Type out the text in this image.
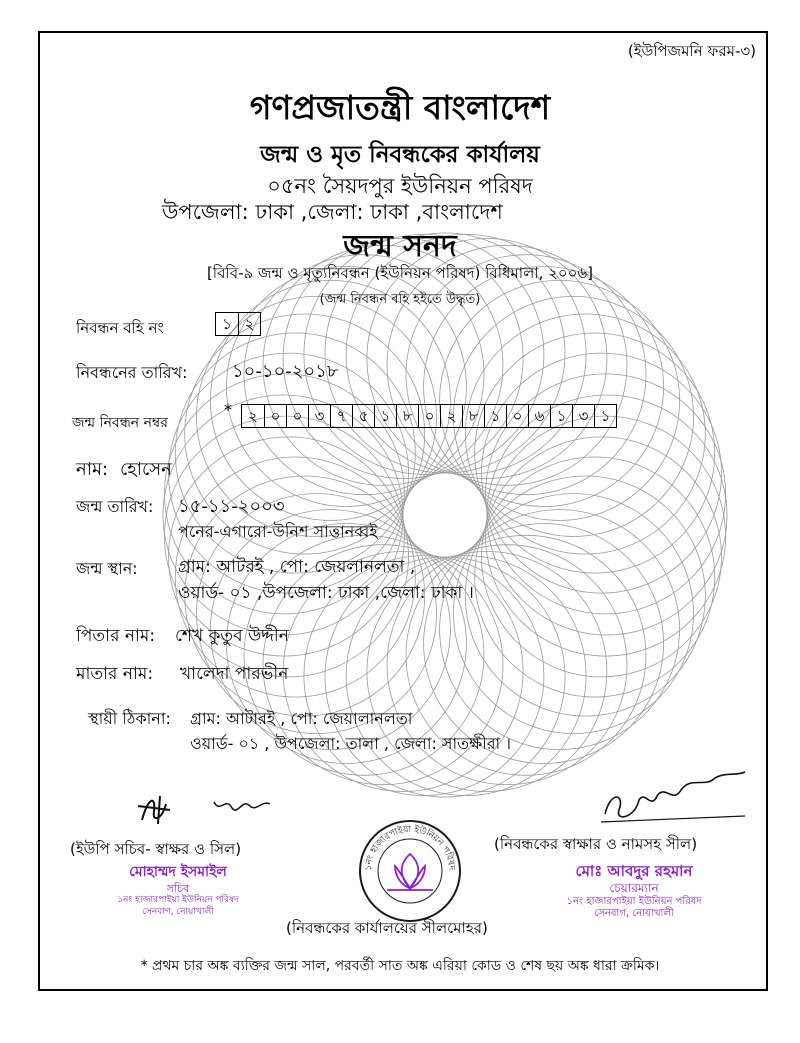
(ইউপিজমনি ফরম-৩)
গণপ্রজাতন্ত্রী বাংলাদেশ
জন্ম ও মৃত নিবন্ধকের কার্যালয়
০৫নং সৈয়দপুর ইউনিয়ন পরিষদ
উপজেলা: ঢাকা ,জেলা: ঢাকা ,বাংলাদেশ
জন্ম সনদ
[বিবি-৯ জন্ম ও মৃত্যুনিবন্ধন (ইউনিয়ন পরিষদ) বিধিমালা, ২০০৬]
(জন্ম নিবন্ধন বহি হইতে উদ্ধৃত)
নিবন্ধন বহি নং	১ ২
নিবন্ধনের তারিখ: ১০-১০-২০১৮
জন্ম নিবন্ধন নম্বর
*	২ ০ ০ ৩ ৭ ৫ ১ ৮ ০ ২ ৮ ১ ০ ৬ ১ ৩ ১
নাম: হোসেন
জন্ম তারিখ: ১৫-১১-২০০৩
পনের-এগারো-উনিশ সাত্তানব্বই
জন্ম স্থান: গ্রাম: আটরই , পো: জেয়লানলতা ,
ওয়ার্ড- ০১ ,উপজেলা: ঢাকা ,জেলা: ঢাকা ।
পিতার নাম: শেখ কুতুব উদ্দীন
মাতার নাম: খালেদা পারভীন
স্থায়ী ঠিকানা: গ্রাম: আটারই , পো: জেয়ালানলতা
ওয়ার্ড- ০১ , উপজেলা: তালা , জেলা: সাতক্ষীরা ।
(ইউপি সচিব- স্বাক্ষর ও সিল)	(নিবন্ধকের স্বাক্ষার ও নামসহ সীল)
মোহাম্মদ ইসমাইল
সচিব
১নং হাজারপাইয়া ইউনিয়ন পরিষদ
সেনবাগ, নোয়াখালী
১নং হাজারপাইয়া ইউনিয়ন পরিষদ	মোঃ আবদুর রহমান
চেয়ারম্যান
১নং হাজারপাইয়া ইউনিয়ন পরিষদ
সেনবাগ, নোয়াখালী
(নিবন্ধকের কার্যালয়ের সীলমোহর)
* প্রথম চার অঙ্ক ব্যক্তির জন্ম সাল, পরবর্তী সাত অঙ্ক এরিয়া কোড ও শেষ ছয় অঙ্ক ধারা ক্রমিক।
